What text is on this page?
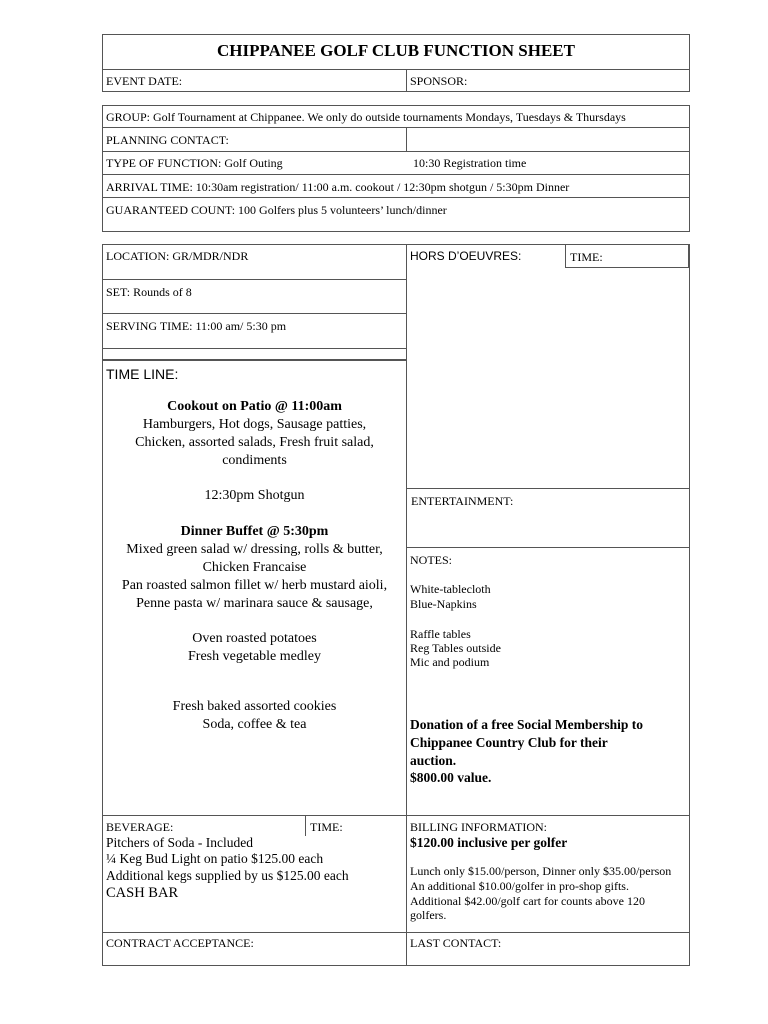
CHIPPANEE GOLF CLUB FUNCTION SHEET
EVENT DATE:	SPONSOR:
GROUP: Golf Tournament at Chippanee. We only do outside tournaments Mondays, Tuesdays & Thursdays
PLANNING CONTACT:
TYPE OF FUNCTION: Golf Outing	10:30 Registration time
ARRIVAL TIME: 10:30am registration/ 11:00 a.m. cookout / 12:30pm shotgun / 5:30pm Dinner
GUARANTEED COUNT: 100 Golfers plus 5 volunteers’ lunch/dinner
LOCATION: GR/MDR/NDR
SET: Rounds of 8
SERVING TIME: 11:00 am/ 5:30 pm
HORS D’OEUVRES:	TIME:
TIME LINE:
Cookout on Patio @ 11:00am
Hamburgers, Hot dogs, Sausage patties,
Chicken, assorted salads, Fresh fruit salad,
condiments
12:30pm Shotgun
Dinner Buffet @ 5:30pm
Mixed green salad w/ dressing, rolls & butter,
Chicken Francaise
Pan roasted salmon fillet w/ herb mustard aioli,
Penne pasta w/ marinara sauce & sausage,
Oven roasted potatoes
Fresh vegetable medley
Fresh baked assorted cookies
Soda, coffee & tea
ENTERTAINMENT:
NOTES:
White-tablecloth
Blue-Napkins
Raffle tables
Reg Tables outside
Mic and podium
Donation of a free Social Membership to
Chippanee Country Club for their
auction.
$800.00 value.
BEVERAGE:	TIME:
Pitchers of Soda - Included
¼ Keg Bud Light on patio $125.00 each
Additional kegs supplied by us $125.00 each
CASH BAR
BILLING INFORMATION:
$120.00 inclusive per golfer
Lunch only $15.00/person, Dinner only $35.00/person
An additional $10.00/golfer in pro-shop gifts.
Additional $42.00/golf cart for counts above 120
golfers.
CONTRACT ACCEPTANCE:	LAST CONTACT:
